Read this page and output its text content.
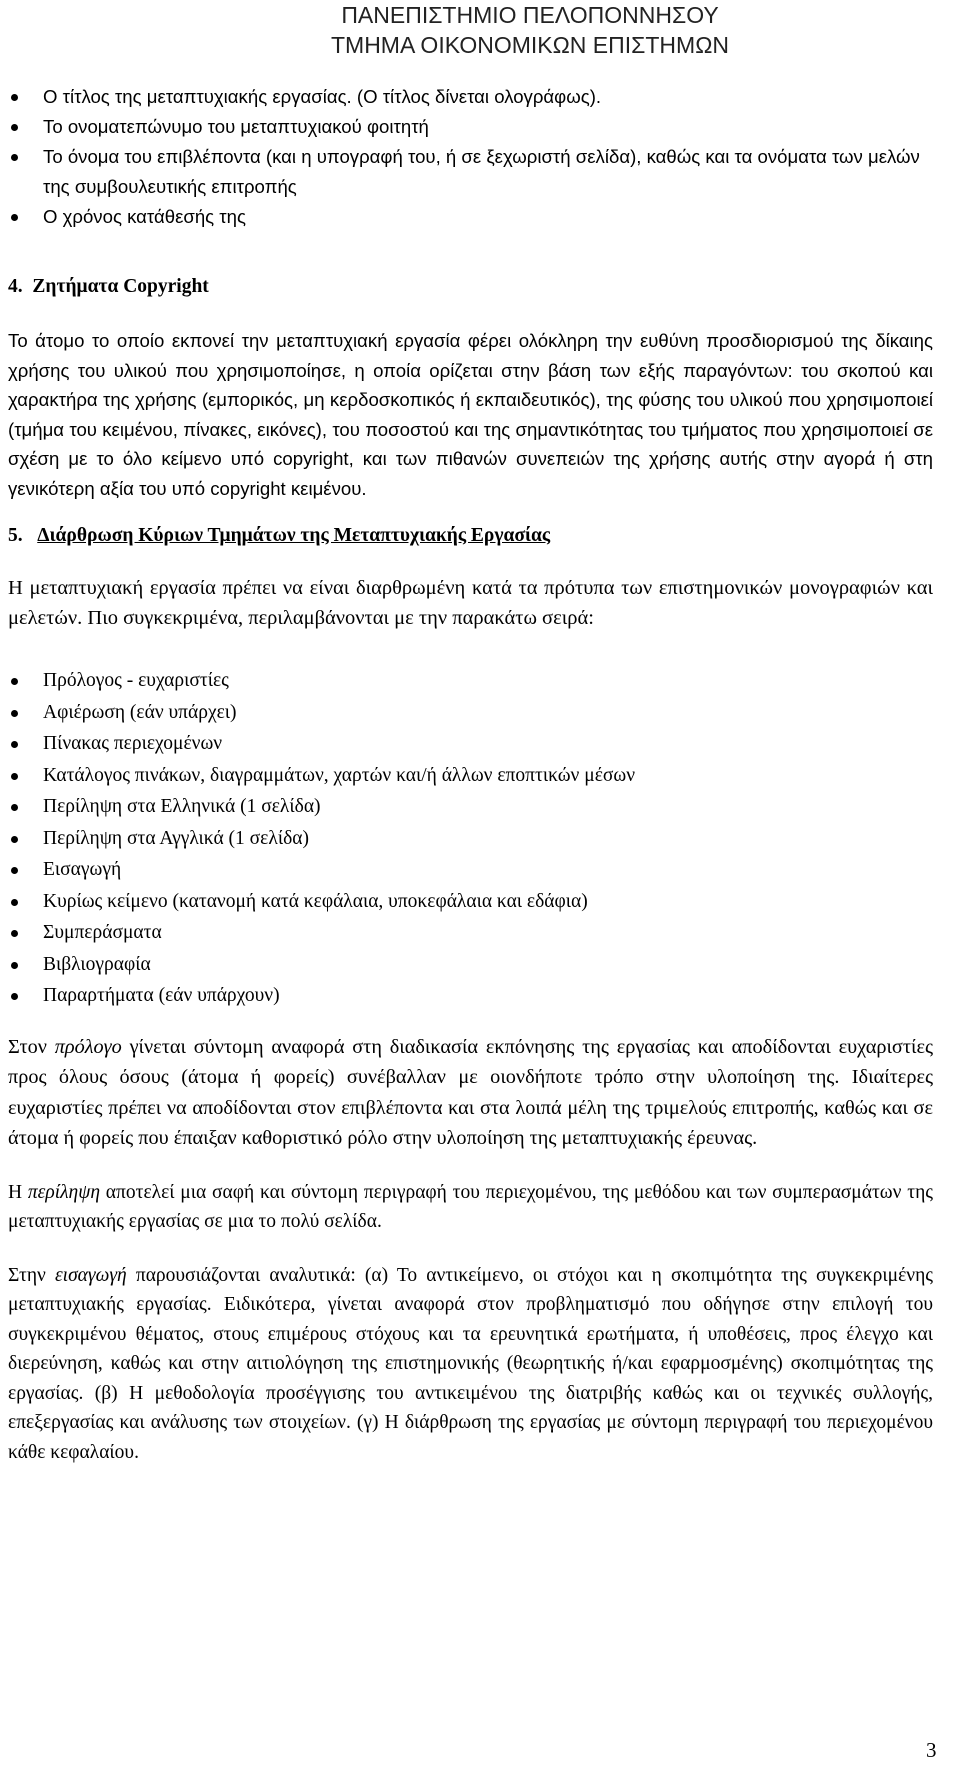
ΠΑΝΕΠΙΣΤΗΜΙΟ ΠΕΛΟΠΟΝΝΗΣΟΥ
ΤΜΗΜΑ ΟΙΚΟΝΟΜΙΚΩΝ ΕΠΙΣΤΗΜΩΝ
Ο τίτλος της μεταπτυχιακής εργασίας. (Ο τίτλος δίνεται ολογράφως).
Το ονοματεπώνυμο του μεταπτυχιακού φοιτητή
Το όνομα του επιβλέποντα (και η υπογραφή του, ή σε ξεχωριστή σελίδα), καθώς και τα ονόματα των μελών της συμβουλευτικής επιτροπής
Ο χρόνος κατάθεσής της
4. Ζητήματα Copyright

Το άτομο το οποίο εκπονεί την μεταπτυχιακή εργασία φέρει ολόκληρη την ευθύνη προσδιορισμού της δίκαιης χρήσης του υλικού που χρησιμοποίησε, η οποία ορίζεται στην βάση των εξής παραγόντων: του σκοπού και χαρακτήρα της χρήσης (εμπορικός, μη κερδοσκοπικός ή εκπαιδευτικός), της φύσης του υλικού που χρησιμοποιεί (τμήμα του κειμένου, πίνακες, εικόνες), του ποσοστού και της σημαντικότητας του τμήματος που χρησιμοποιεί σε σχέση με το όλο κείμενο υπό copyright, και των πιθανών συνεπειών της χρήσης αυτής στην αγορά ή στη γενικότερη αξία του υπό copyright κειμένου.

5. Διάρθρωση Κύριων Τμημάτων της Μεταπτυχιακής Εργασίας

Η μεταπτυχιακή εργασία πρέπει να είναι διαρθρωμένη κατά τα πρότυπα των επιστημονικών μονογραφιών και μελετών. Πιο συγκεκριμένα, περιλαμβάνονται με την παρακάτω σειρά:

Πρόλογος - ευχαριστίες
Αφιέρωση (εάν υπάρχει)
Πίνακας περιεχομένων
Κατάλογος πινάκων, διαγραμμάτων, χαρτών και/ή άλλων εποπτικών μέσων
Περίληψη στα Ελληνικά (1 σελίδα)
Περίληψη στα Αγγλικά (1 σελίδα)
Εισαγωγή
Κυρίως κείμενο (κατανομή κατά κεφάλαια, υποκεφάλαια και εδάφια)
Συμπεράσματα
Βιβλιογραφία
Παραρτήματα (εάν υπάρχουν)

Στον πρόλογο γίνεται σύντομη αναφορά στη διαδικασία εκπόνησης της εργασίας και αποδίδονται ευχαριστίες προς όλους όσους (άτομα ή φορείς) συνέβαλλαν με οιονδήποτε τρόπο στην υλοποίηση της. Ιδιαίτερες ευχαριστίες πρέπει να αποδίδονται στον επιβλέποντα και στα λοιπά μέλη της τριμελούς επιτροπής, καθώς και σε άτομα ή φορείς που έπαιξαν καθοριστικό ρόλο στην υλοποίηση της μεταπτυχιακής έρευνας.

Η περίληψη αποτελεί μια σαφή και σύντομη περιγραφή του περιεχομένου, της μεθόδου και των συμπερασμάτων της μεταπτυχιακής εργασίας σε μια το πολύ σελίδα.

Στην εισαγωγή παρουσιάζονται αναλυτικά: (α) Το αντικείμενο, οι στόχοι και η σκοπιμότητα της συγκεκριμένης μεταπτυχιακής εργασίας. Ειδικότερα, γίνεται αναφορά στον προβληματισμό που οδήγησε στην επιλογή του συγκεκριμένου θέματος, στους επιμέρους στόχους και τα ερευνητικά ερωτήματα, ή υποθέσεις, προς έλεγχο και διερεύνηση, καθώς και στην αιτιολόγηση της επιστημονικής (θεωρητικής ή/και εφαρμοσμένης) σκοπιμότητας της εργασίας. (β) Η μεθοδολογία προσέγγισης του αντικειμένου της διατριβής καθώς και οι τεχνικές συλλογής, επεξεργασίας και ανάλυσης των στοιχείων. (γ) Η διάρθρωση της εργασίας με σύντομη περιγραφή του περιεχομένου κάθε κεφαλαίου.

3
